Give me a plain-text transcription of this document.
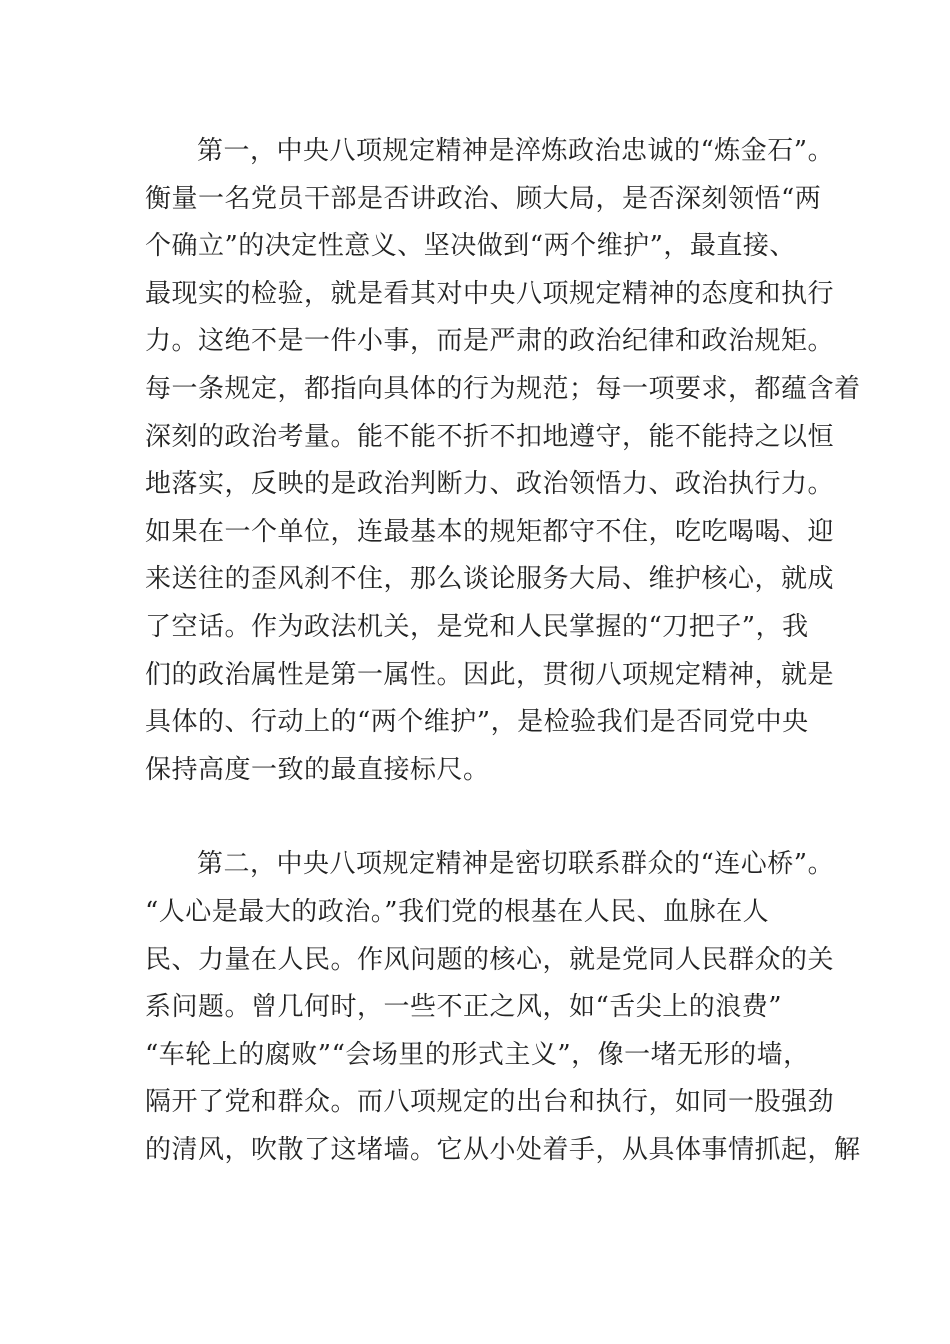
第一，中央八项规定精神是淬炼政治忠诚的“炼金石”。
衡量一名党员干部是否讲政治、顾大局，是否深刻领悟“两
个确立”的决定性意义、坚决做到“两个维护”，最直接、
最现实的检验，就是看其对中央八项规定精神的态度和执行
力。这绝不是一件小事，而是严肃的政治纪律和政治规矩。
每一条规定，都指向具体的行为规范；每一项要求，都蕴含着
深刻的政治考量。能不能不折不扣地遵守，能不能持之以恒
地落实，反映的是政治判断力、政治领悟力、政治执行力。
如果在一个单位，连最基本的规矩都守不住，吃吃喝喝、迎
来送往的歪风刹不住，那么谈论服务大局、维护核心，就成
了空话。作为政法机关，是党和人民掌握的“刀把子”，我
们的政治属性是第一属性。因此，贯彻八项规定精神，就是
具体的、行动上的“两个维护”，是检验我们是否同党中央
保持高度一致的最直接标尺。
第二，中央八项规定精神是密切联系群众的“连心桥”。
“人心是最大的政治。”我们党的根基在人民、血脉在人
民、力量在人民。作风问题的核心，就是党同人民群众的关
系问题。曾几何时，一些不正之风，如“舌尖上的浪费”
“车轮上的腐败”“会场里的形式主义”，像一堵无形的墙，
隔开了党和群众。而八项规定的出台和执行，如同一股强劲
的清风，吹散了这堵墙。它从小处着手，从具体事情抓起，解
